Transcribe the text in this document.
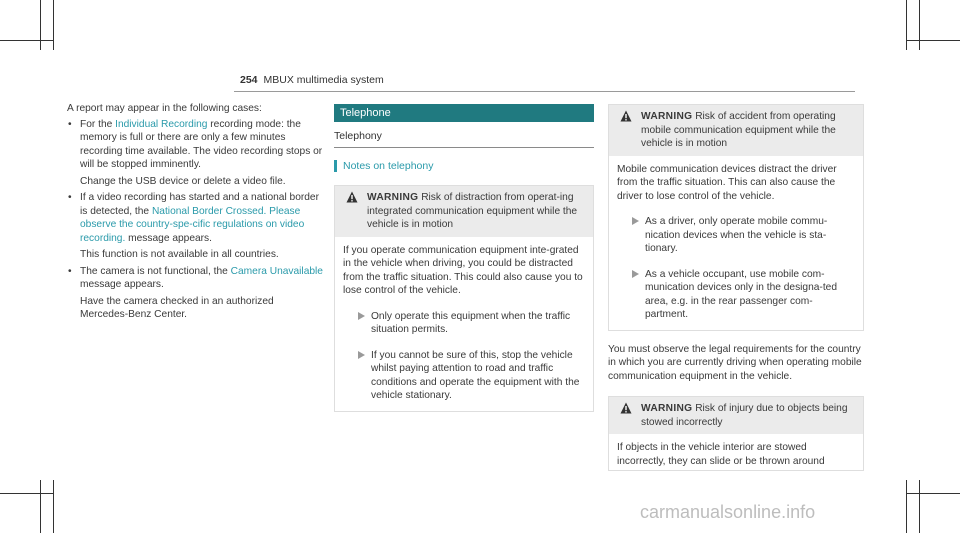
254 MBUX multimedia system

A report may appear in the following cases:

• For the Individual Recording recording mode: the memory is full or there are only a few minutes recording time available. The video recording stops or will be stopped imminently.

Change the USB device or delete a video file.

• If a video recording has started and a national border is detected, the National Border Crossed. Please observe the country-spe-cific regulations on video recording. message appears.

This function is not available in all countries.

• The camera is not functional, the Camera Unavailable message appears.

Have the camera checked in an authorized Mercedes-Benz Center.

Telephone
Telephony
Notes on telephony
WARNING Risk of distraction from operat-ing integrated communication equipment while the vehicle is in motion

If you operate communication equipment inte-grated in the vehicle when driving, you could be distracted from the traffic situation. This could also cause you to lose control of the vehicle.

Only operate this equipment when the traffic situation permits.

If you cannot be sure of this, stop the vehicle whilst paying attention to road and traffic conditions and operate the equipment with the vehicle stationary.

WARNING Risk of accident from operating mobile communication equipment while the vehicle is in motion

Mobile communication devices distract the driver from the traffic situation. This can also cause the driver to lose control of the vehicle.

As a driver, only operate mobile commu-nication devices when the vehicle is sta-tionary.

As a vehicle occupant, use mobile com-munication devices only in the designa-ted area, e.g. in the rear passenger com-partment.

You must observe the legal requirements for the country in which you are currently driving when operating mobile communication equipment in the vehicle.

WARNING Risk of injury due to objects being stowed incorrectly

If objects in the vehicle interior are stowed incorrectly, they can slide or be thrown around

carmanualsonline.info
